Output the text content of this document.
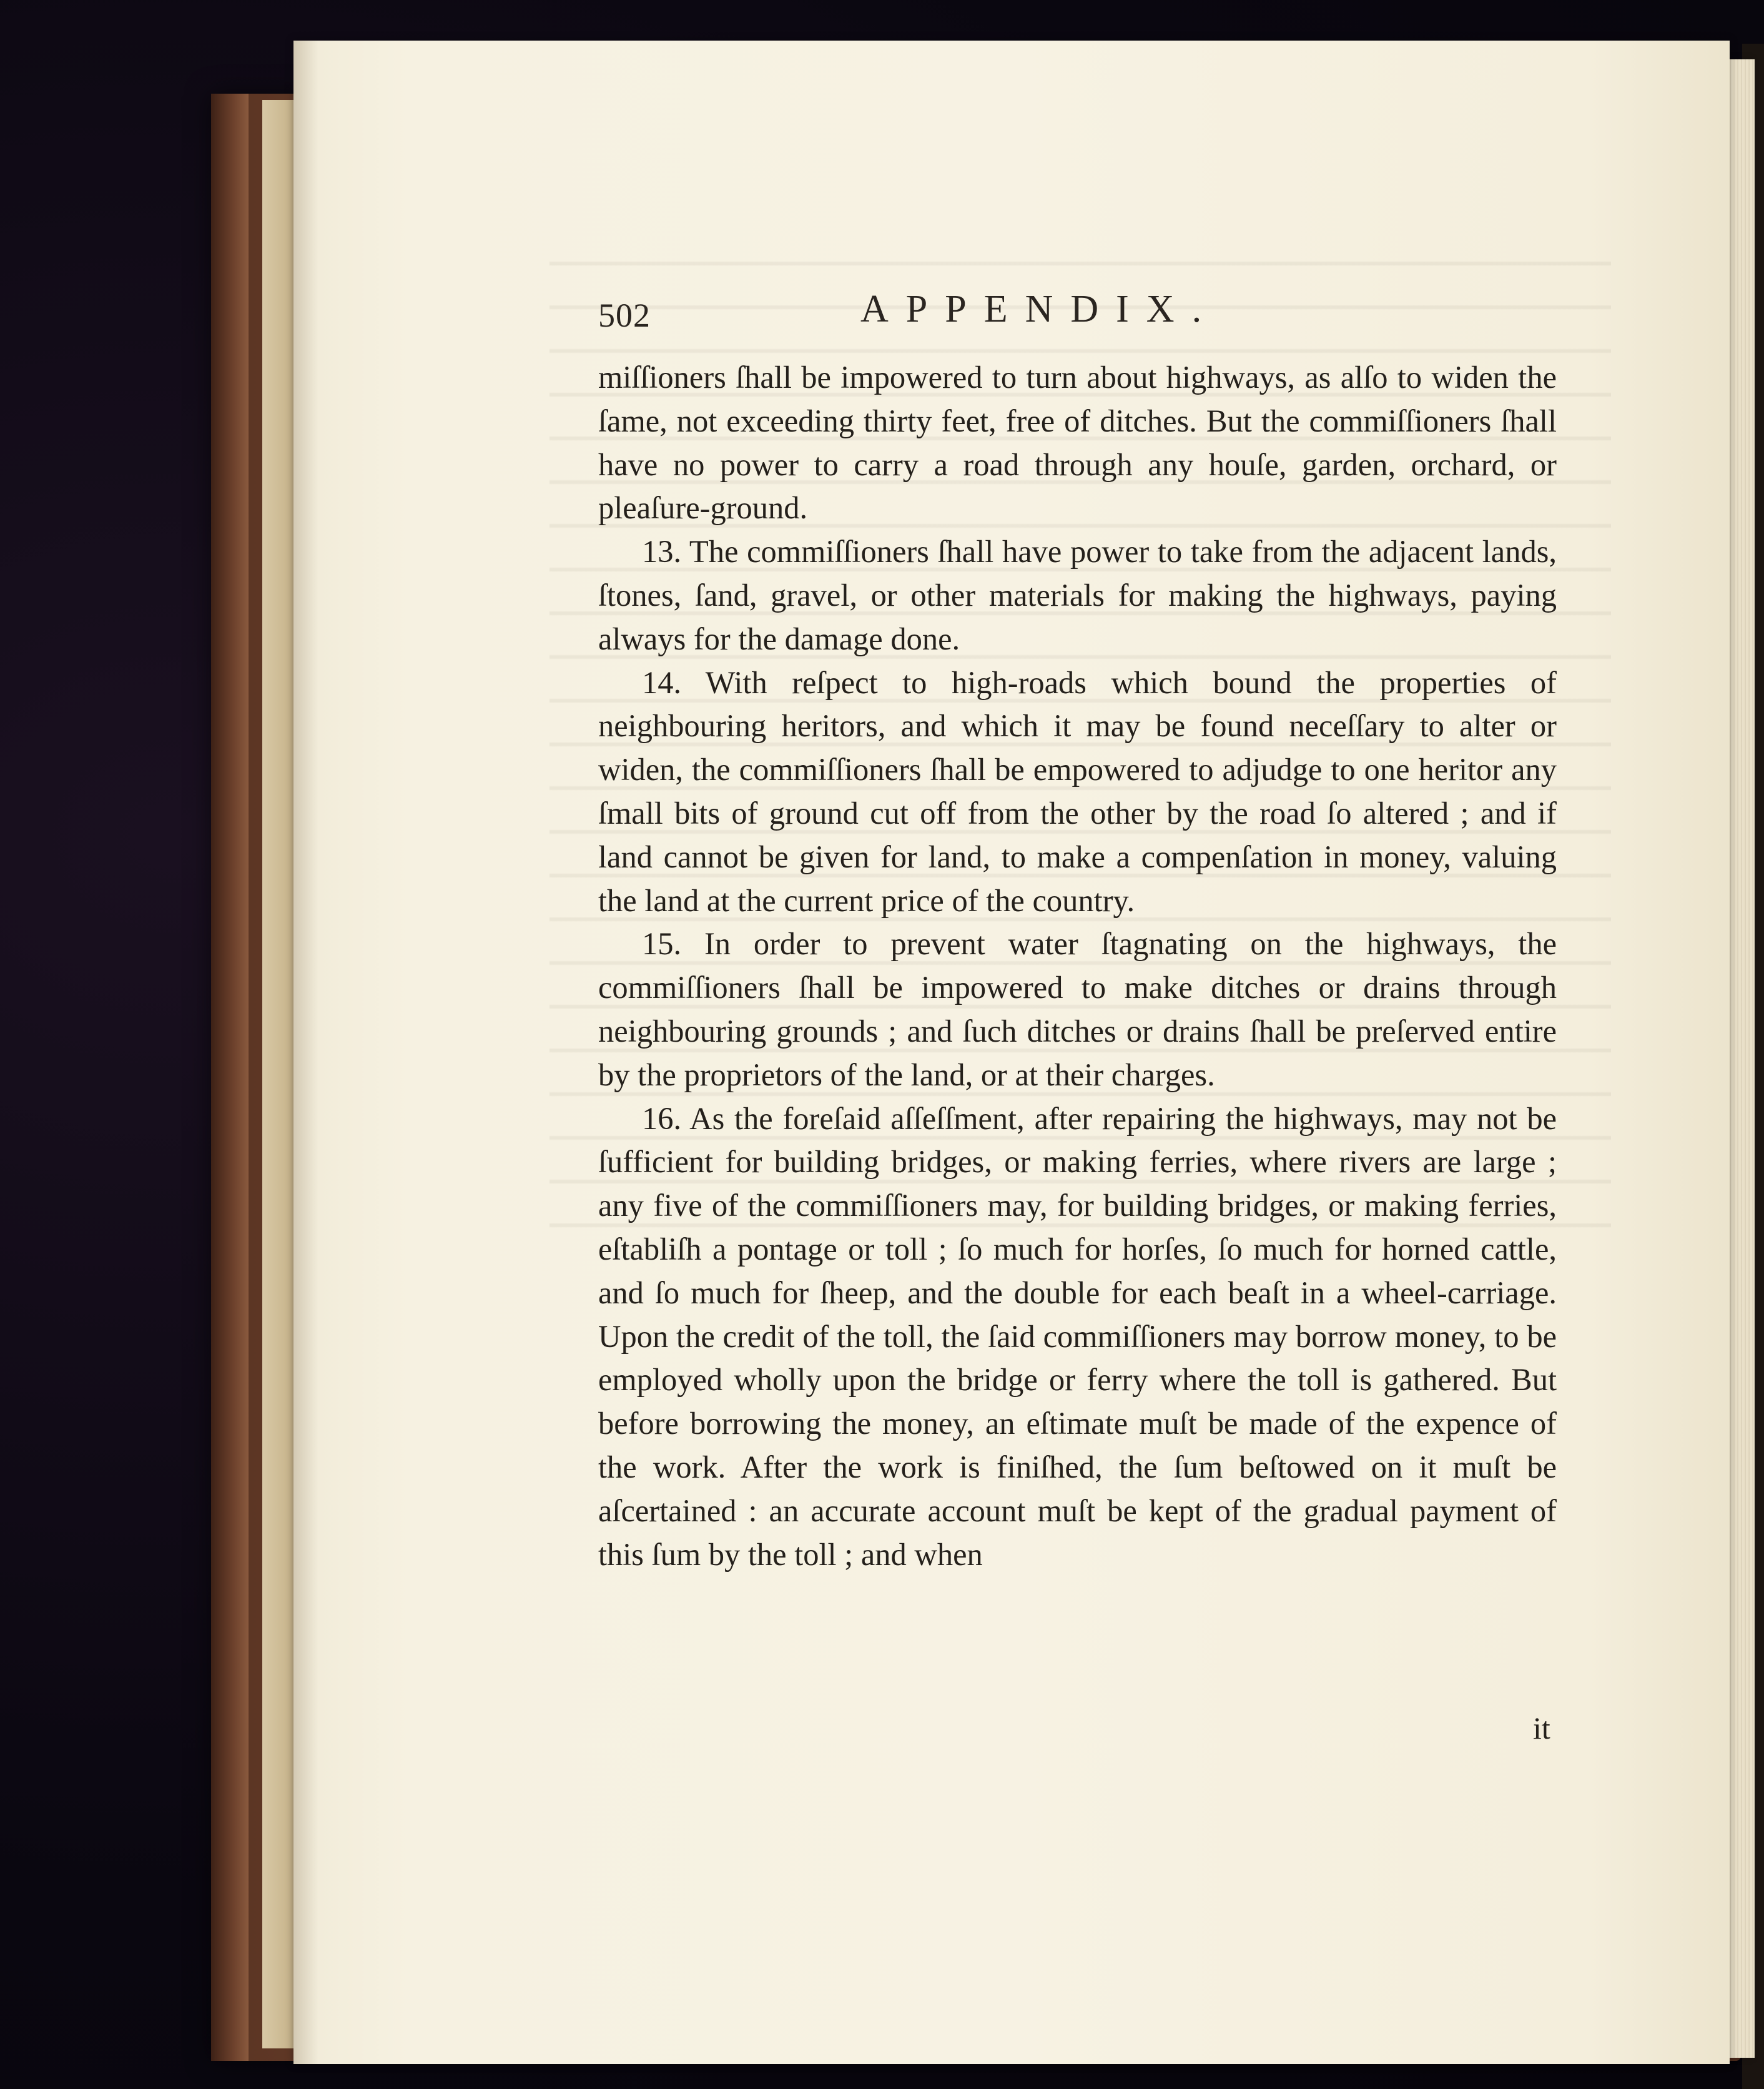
502	APPENDIX.

miſſioners ſhall be impowered to turn about highways, as alſo to widen the ſame, not exceeding thirty feet, free of ditches. But the commiſſioners ſhall have no power to carry a road through any houſe, garden, orchard, or pleaſure-ground.

13. The commiſſioners ſhall have power to take from the adjacent lands, ſtones, ſand, gravel, or other materials for making the highways, paying always for the damage done.

14. With reſpect to high-roads which bound the properties of neighbouring heritors, and which it may be found neceſſary to alter or widen, the commiſſioners ſhall be empowered to adjudge to one heritor any ſmall bits of ground cut off from the other by the road ſo altered ; and if land cannot be given for land, to make a compenſation in money, valuing the land at the current price of the country.

15. In order to prevent water ſtagnating on the highways, the commiſſioners ſhall be impowered to make ditches or drains through neighbouring grounds ; and ſuch ditches or drains ſhall be preſerved entire by the proprietors of the land, or at their charges.

16. As the foreſaid aſſeſſment, after repairing the highways, may not be ſufficient for building bridges, or making ferries, where rivers are large ; any five of the commiſſioners may, for building bridges, or making ferries, eſtabliſh a pontage or toll ; ſo much for horſes, ſo much for horned cattle, and ſo much for ſheep, and the double for each beaſt in a wheel-carriage. Upon the credit of the toll, the ſaid commiſſioners may borrow money, to be employed wholly upon the bridge or ferry where the toll is gathered. But before borrowing the money, an eſtimate muſt be made of the expence of the work. After the work is finiſhed, the ſum beſtowed on it muſt be aſcertained : an accurate account muſt be kept of the gradual payment of this ſum by the toll ; and when

it
